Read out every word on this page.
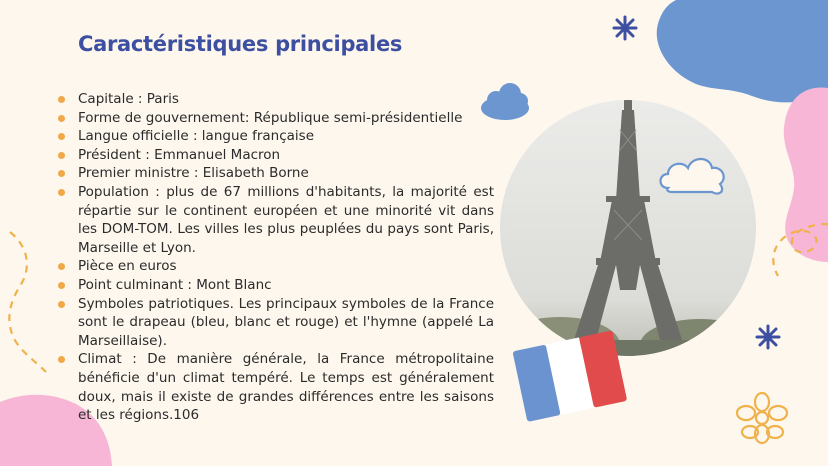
Caractéristiques principales
Capitale : Paris
Forme de gouvernement: République semi-présidentielle
Langue officielle : langue française
Président : Emmanuel Macron
Premier ministre : Elisabeth Borne
Population : plus de 67 millions d'habitants, la majorité est répartie sur le continent européen et une minorité vit dans les DOM-TOM. Les villes les plus peuplées du pays sont Paris, Marseille et Lyon.
Pièce en euros
Point culminant : Mont Blanc
Symboles patriotiques. Les principaux symboles de la France sont le drapeau (bleu, blanc et rouge) et l'hymne (appelé La Marseillaise).
Climat : De manière générale, la France métropolitaine bénéficie d'un climat tempéré. Le temps est généralement doux, mais il existe de grandes différences entre les saisons et les régions.106
